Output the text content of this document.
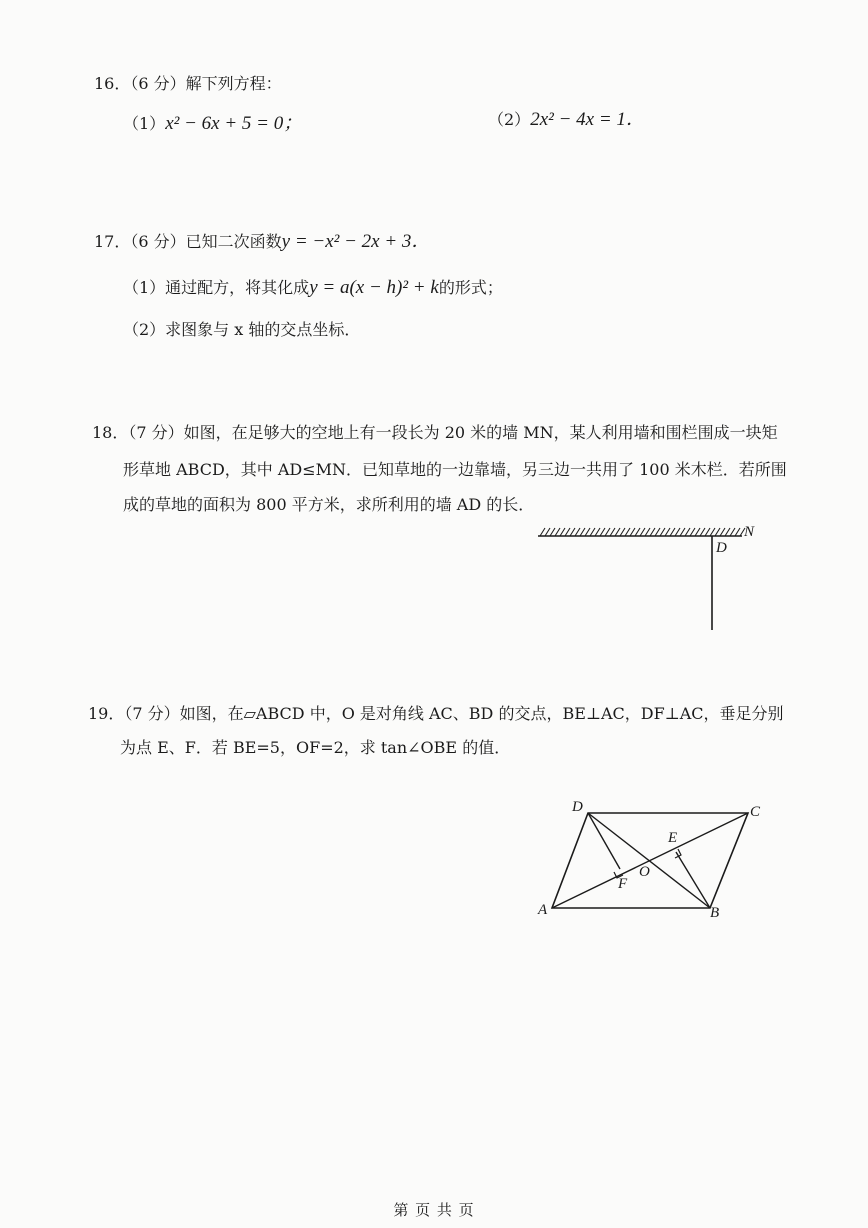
16．（6 分）解下列方程：
（1）x² − 6x + 5 = 0；	（2）2x² − 4x = 1．
17．（6 分）已知二次函数y = −x² − 2x + 3．
（1）通过配方，将其化成y = a(x − h)² + k的形式；
（2）求图象与 x 轴的交点坐标．
18．（7 分）如图，在足够大的空地上有一段长为 20 米的墙 MN，某人利用墙和围栏围成一块矩
形草地 ABCD，其中 AD≤MN．已知草地的一边靠墙，另三边一共用了 100 米木栏．若所围
成的草地的面积为 800 平方米，求所利用的墙 AD 的长．
N
D
19．（7 分）如图，在▱ABCD 中，O 是对角线 AC、BD 的交点，BE⊥AC，DF⊥AC，垂足分别
为点 E、F．若 BE=5，OF=2，求 tan∠OBE 的值．
D	C
E
O
F
A	B
第 页 共 页
